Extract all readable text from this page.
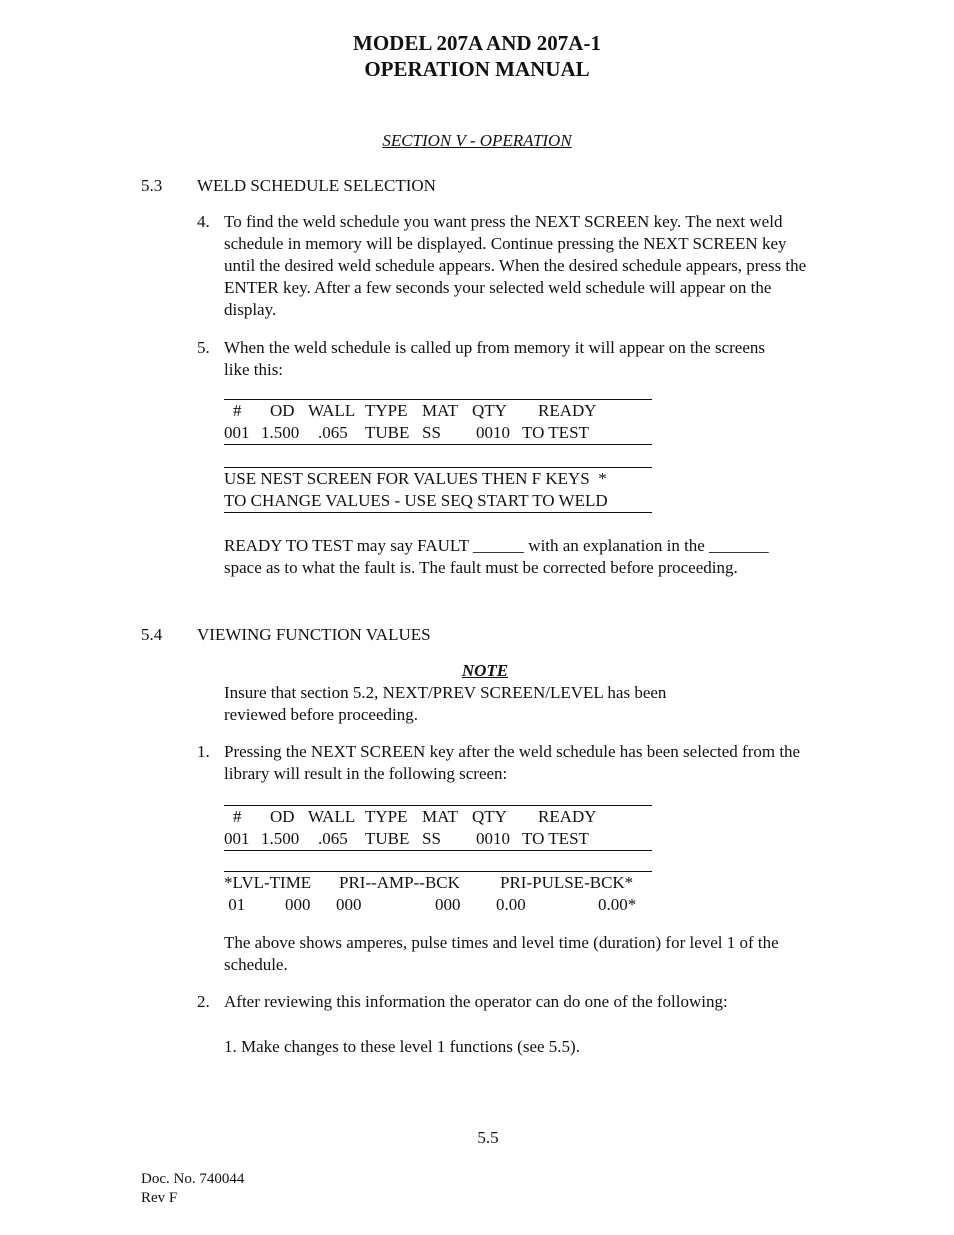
MODEL 207A AND 207A-1
OPERATION MANUAL
SECTION V - OPERATION
5.3 WELD SCHEDULE SELECTION
4. To find the weld schedule you want press the NEXT SCREEN key. The next weld schedule in memory will be displayed. Continue pressing the NEXT SCREEN key until the desired weld schedule appears. When the desired schedule appears, press the ENTER key. After a few seconds your selected weld schedule will appear on the display.
5. When the weld schedule is called up from memory it will appear on the screens like this:
# OD WALL TYPE MAT QTY READY
001 1.500 .065 TUBE SS 0010 TO TEST
USE NEST SCREEN FOR VALUES THEN F KEYS  *
TO CHANGE VALUES - USE SEQ START TO WELD
READY TO TEST may say FAULT ______ with an explanation in the _______ space as to what the fault is. The fault must be corrected before proceeding.
5.4 VIEWING FUNCTION VALUES
NOTE
Insure that section 5.2, NEXT/PREV SCREEN/LEVEL has been reviewed before proceeding.
1. Pressing the NEXT SCREEN key after the weld schedule has been selected from the library will result in the following screen:
# OD WALL TYPE MAT QTY READY
001 1.500 .065 TUBE SS 0010 TO TEST
*LVL-TIME PRI--AMP--BCK PRI-PULSE-BCK*
01 000 000	000 0.00	0.00*
The above shows amperes, pulse times and level time (duration) for level 1 of the schedule.
2. After reviewing this information the operator can do one of the following:
1. Make changes to these level 1 functions (see 5.5).
5.5
Doc. No. 740044
Rev F
